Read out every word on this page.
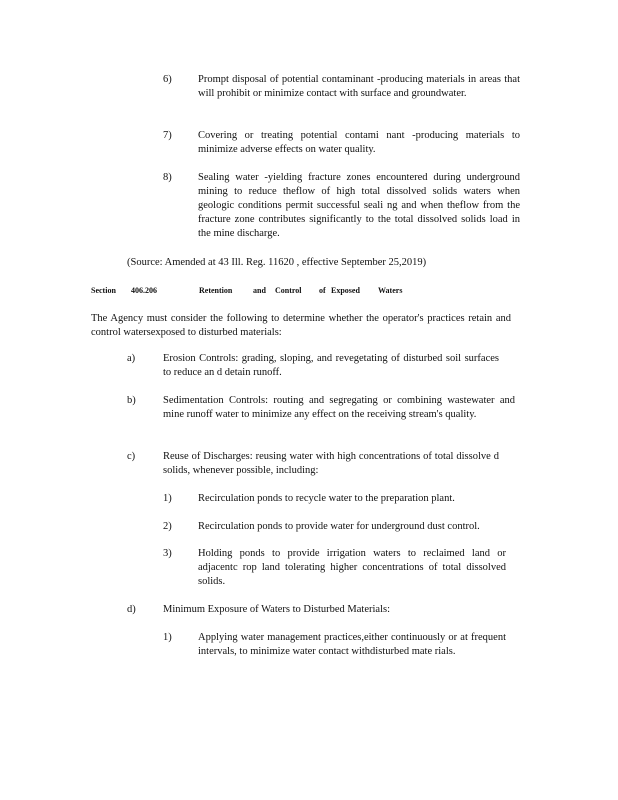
6)	Prompt disposal of potential contaminant -producing materials in areas that will prohibit or minimize contact with surface and groundwater.
7)	Covering or treating potential contami nant -producing materials to minimize adverse effects on water quality.
8)	Sealing water -yielding fracture zones encountered during underground mining to reduce theflow of high total dissolved solids waters when geologic conditions permit successful seali ng and when theflow from the fracture zone contributes significantly to the total dissolved solids load in the mine discharge.
(Source: Amended at 43 Ill. Reg. 11620 , effective September 25,2019)
Section 406.206	Retention	and Control of Exposed Waters
The Agency must consider the following to determine whether the operator's practices retain and control watersexposed to disturbed materials:
a)	Erosion Controls: grading, sloping, and revegetating of disturbed soil surfaces to reduce an d detain runoff.
b)	Sedimentation Controls: routing and segregating or combining wastewater and mine runoff water to minimize any effect on the receiving stream's quality.
c)	Reuse of Discharges: reusing water with high concentrations of total dissolve d solids, whenever possible, including:
1)	Recirculation ponds to recycle water to the preparation plant.
2)	Recirculation ponds to provide water for underground dust control.
3)	Holding ponds to provide irrigation waters to reclaimed land or adjacentc rop land tolerating higher concentrations of total dissolved solids.
d)	Minimum Exposure of Waters to Disturbed Materials:
1)	Applying water management practices,either continuously or at frequent intervals, to minimize water contact withdisturbed mate rials.
